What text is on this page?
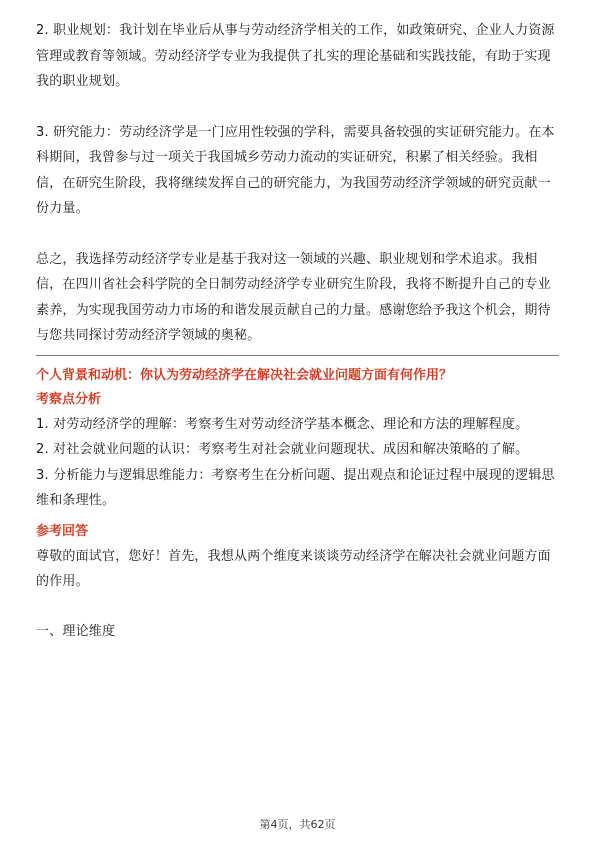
2. 职业规划：我计划在毕业后从事与劳动经济学相关的工作，如政策研究、企业人力资源管理或教育等领域。劳动经济学专业为我提供了扎实的理论基础和实践技能，有助于实现我的职业规划。

3. 研究能力：劳动经济学是一门应用性较强的学科，需要具备较强的实证研究能力。在本科期间，我曾参与过一项关于我国城乡劳动力流动的实证研究，积累了相关经验。我相信，在研究生阶段，我将继续发挥自己的研究能力，为我国劳动经济学领域的研究贡献一份力量。

总之，我选择劳动经济学专业是基于我对这一领域的兴趣、职业规划和学术追求。我相信，在四川省社会科学院的全日制劳动经济学专业研究生阶段，我将不断提升自己的专业素养，为实现我国劳动力市场的和谐发展贡献自己的力量。感谢您给予我这个机会，期待与您共同探讨劳动经济学领域的奥秘。

个人背景和动机：你认为劳动经济学在解决社会就业问题方面有何作用？

考察点分析

1. 对劳动经济学的理解：考察考生对劳动经济学基本概念、理论和方法的理解程度。

2. 对社会就业问题的认识：考察考生对社会就业问题现状、成因和解决策略的了解。

3. 分析能力与逻辑思维能力：考察考生在分析问题、提出观点和论证过程中展现的逻辑思维和条理性。

参考回答

尊敬的面试官，您好！首先，我想从两个维度来谈谈劳动经济学在解决社会就业问题方面的作用。

一、理论维度

第4页，共62页
